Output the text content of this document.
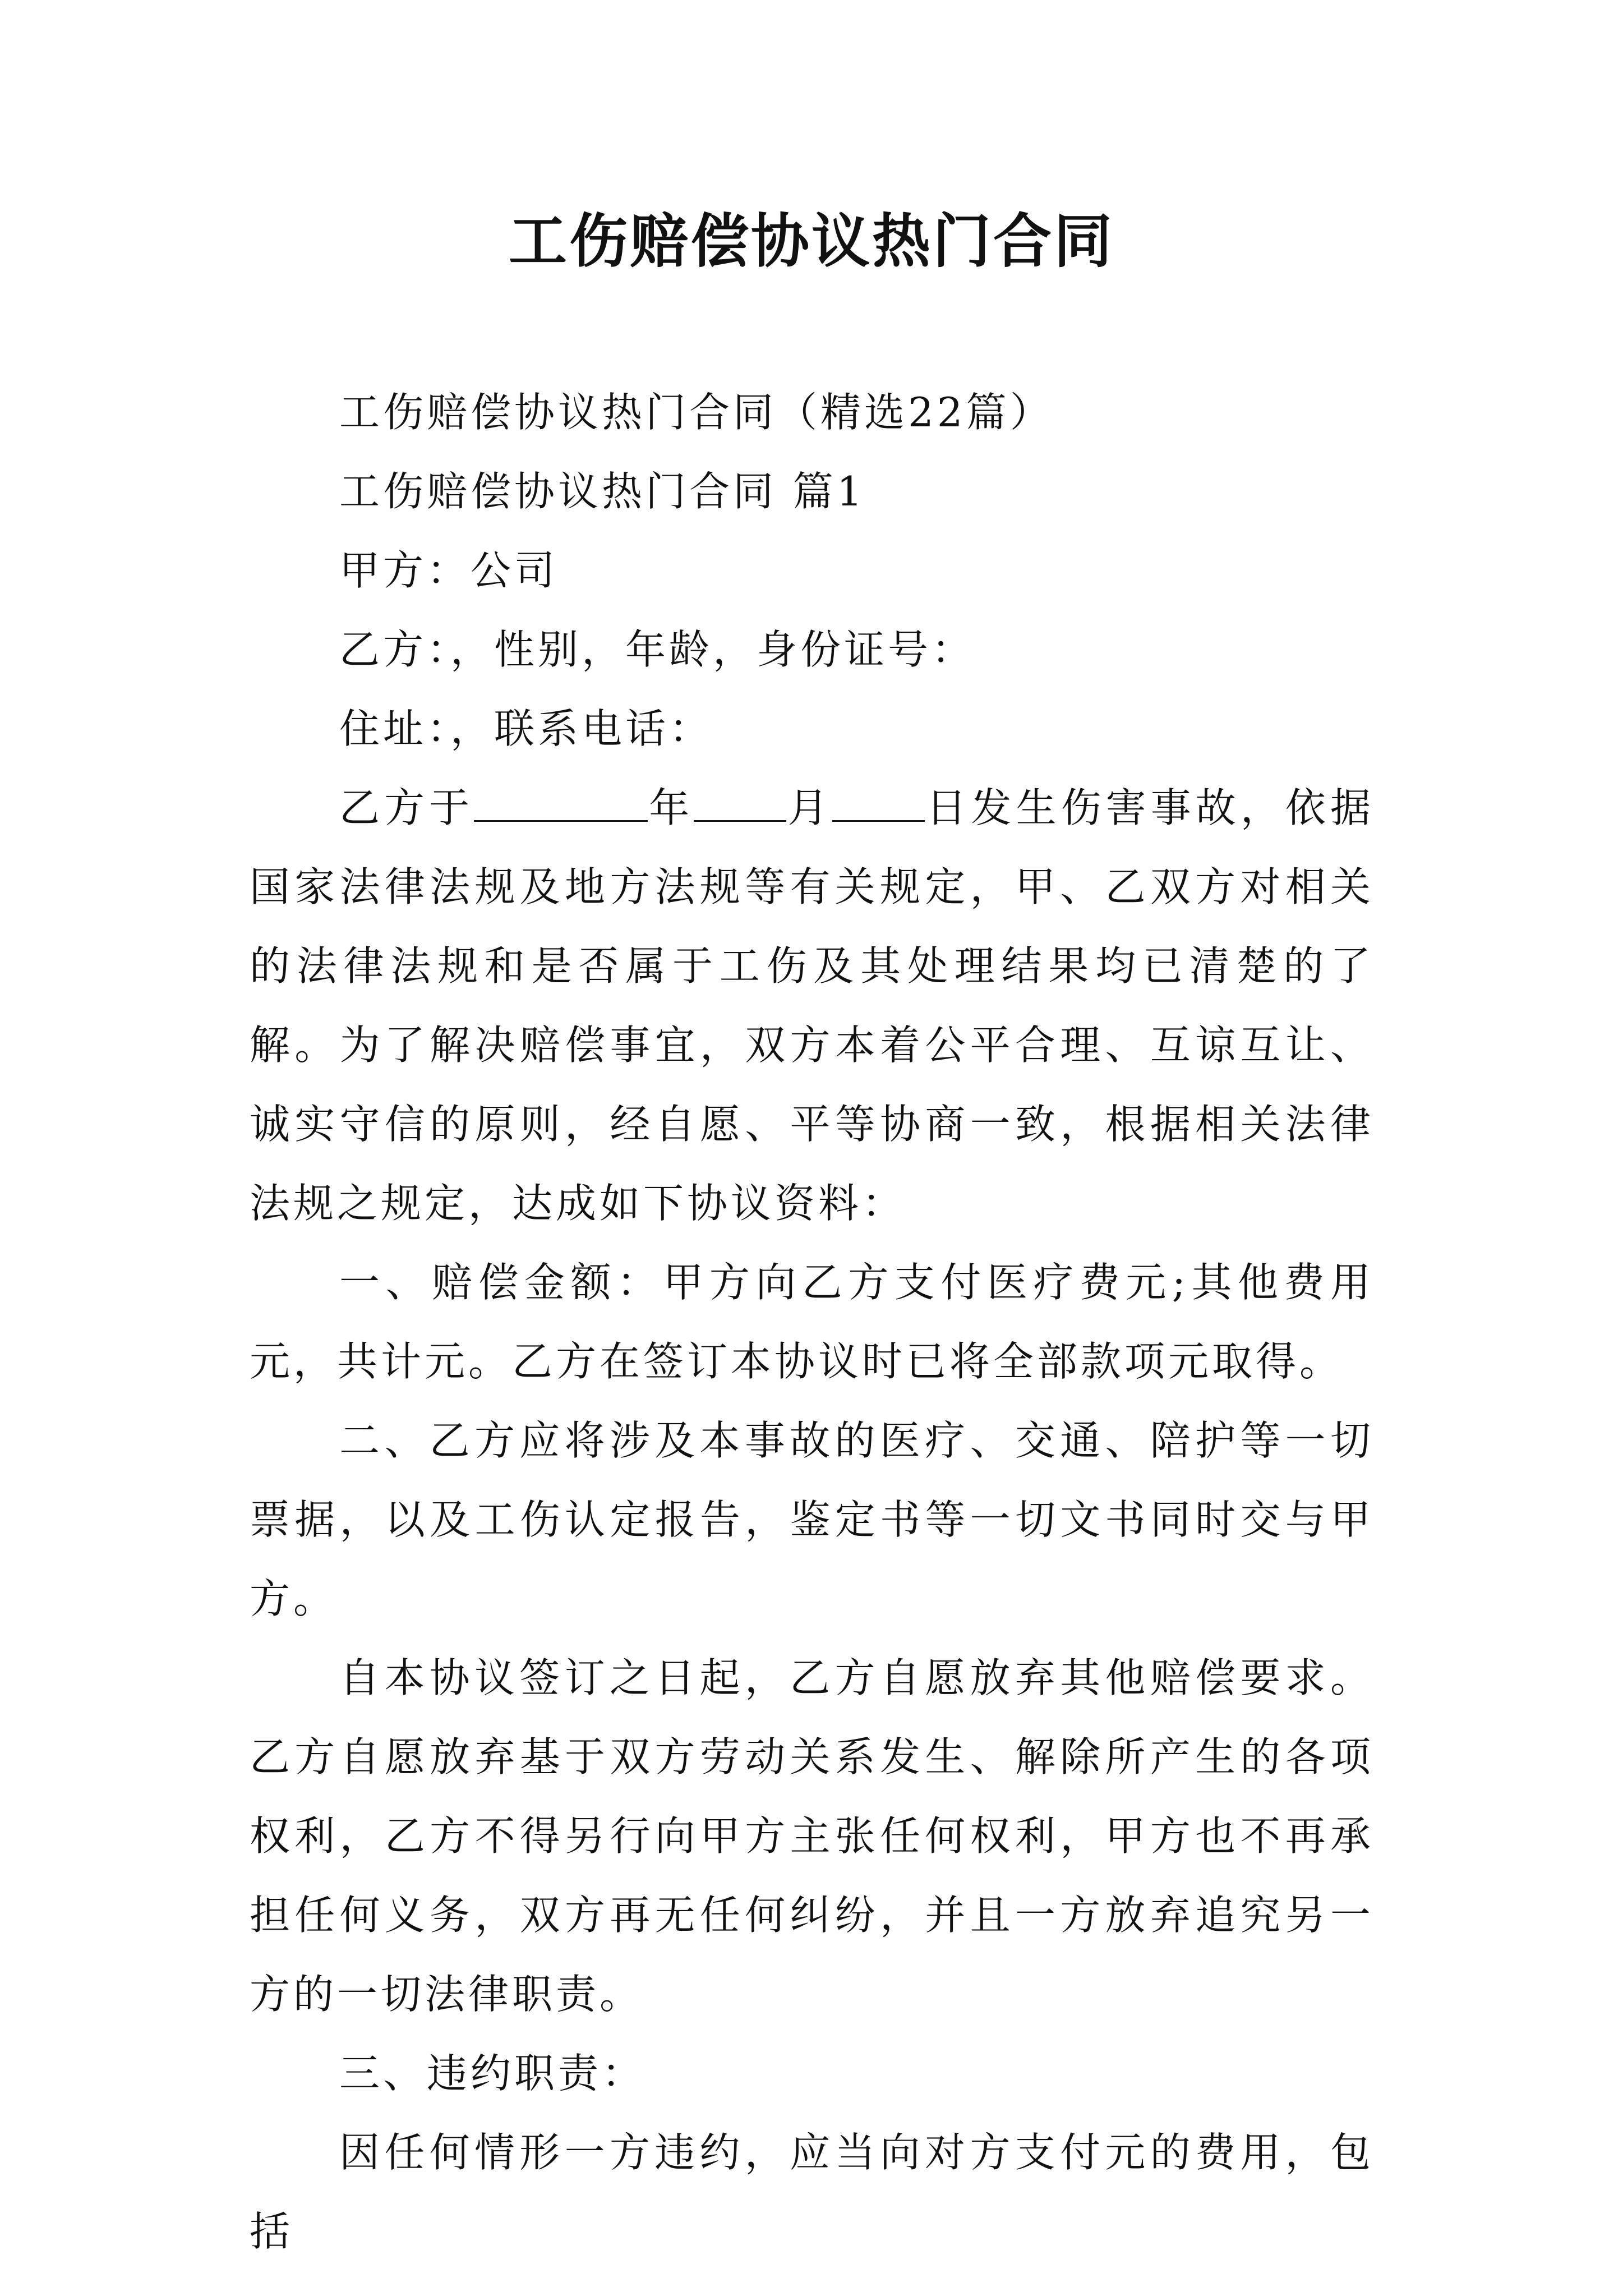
工伤赔偿协议热门合同

工伤赔偿协议热门合同（精选22篇）

工伤赔偿协议热门合同 篇1

甲方：公司

乙方：，性别，年龄，身份证号：

住址：，联系电话：

乙方于	年 月 日发生伤害事故，依据国家法律法规及地方法规等有关规定，甲、乙双方对相关的法律法规和是否属于工伤及其处理结果均已清楚的了解。为了解决赔偿事宜，双方本着公平合理、互谅互让、诚实守信的原则，经自愿、平等协商一致，根据相关法律法规之规定，达成如下协议资料：

一、赔偿金额：甲方向乙方支付医疗费元;其他费用元，共计元。乙方在签订本协议时已将全部款项元取得。

二、乙方应将涉及本事故的医疗、交通、陪护等一切票据，以及工伤认定报告，鉴定书等一切文书同时交与甲方。

自本协议签订之日起，乙方自愿放弃其他赔偿要求。乙方自愿放弃基于双方劳动关系发生、解除所产生的各项权利，乙方不得另行向甲方主张任何权利，甲方也不再承担任何义务，双方再无任何纠纷，并且一方放弃追究另一方的一切法律职责。

三、违约职责：

因任何情形一方违约，应当向对方支付元的费用，包括
